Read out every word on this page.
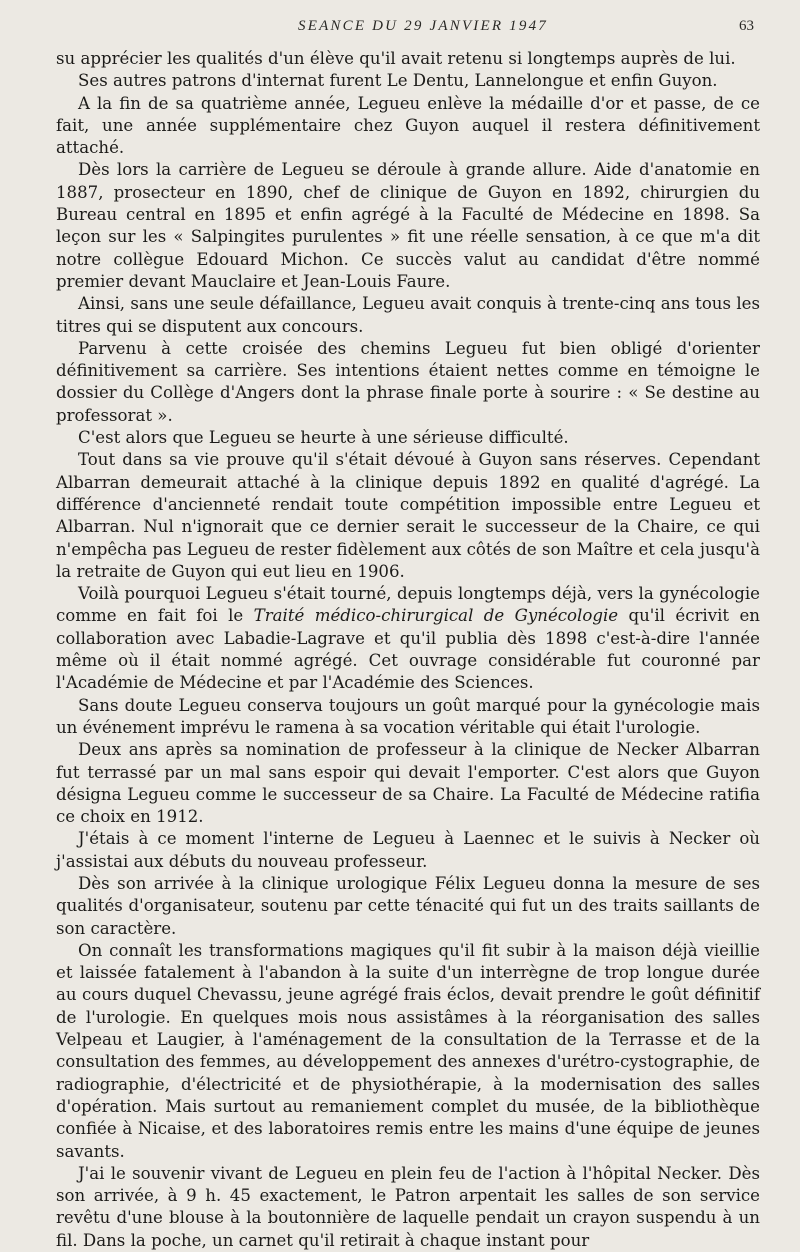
SEANCE DU 29 JANVIER 1947	63

su apprécier les qualités d'un élève qu'il avait retenu si longtemps auprès de lui.

Ses autres patrons d'internat furent Le Dentu, Lannelongue et enfin Guyon.

A la fin de sa quatrième année, Legueu enlève la médaille d'or et passe, de ce fait, une année supplémentaire chez Guyon auquel il restera définitivement attaché.

Dès lors la carrière de Legueu se déroule à grande allure. Aide d'anatomie en 1887, prosecteur en 1890, chef de clinique de Guyon en 1892, chirurgien du Bureau central en 1895 et enfin agrégé à la Faculté de Médecine en 1898. Sa leçon sur les « Salpingites purulentes » fit une réelle sensation, à ce que m'a dit notre collègue Edouard Michon. Ce succès valut au candidat d'être nommé premier devant Mauclaire et Jean-Louis Faure.

Ainsi, sans une seule défaillance, Legueu avait conquis à trente-cinq ans tous les titres qui se disputent aux concours.

Parvenu à cette croisée des chemins Legueu fut bien obligé d'orienter définitivement sa carrière. Ses intentions étaient nettes comme en témoigne le dossier du Collège d'Angers dont la phrase finale porte à sourire : « Se destine au professorat ».

C'est alors que Legueu se heurte à une sérieuse difficulté.

Tout dans sa vie prouve qu'il s'était dévoué à Guyon sans réserves. Cependant Albarran demeurait attaché à la clinique depuis 1892 en qualité d'agrégé. La différence d'ancienneté rendait toute compétition impossible entre Legueu et Albarran. Nul n'ignorait que ce dernier serait le successeur de la Chaire, ce qui n'empêcha pas Legueu de rester fidèlement aux côtés de son Maître et cela jusqu'à la retraite de Guyon qui eut lieu en 1906.

Voilà pourquoi Legueu s'était tourné, depuis longtemps déjà, vers la gynécologie comme en fait foi le Traité médico-chirurgical de Gynécologie qu'il écrivit en collaboration avec Labadie-Lagrave et qu'il publia dès 1898 c'est-à-dire l'année même où il était nommé agrégé. Cet ouvrage considérable fut couronné par l'Académie de Médecine et par l'Académie des Sciences.

Sans doute Legueu conserva toujours un goût marqué pour la gynécologie mais un événement imprévu le ramena à sa vocation véritable qui était l'urologie.

Deux ans après sa nomination de professeur à la clinique de Necker Albarran fut terrassé par un mal sans espoir qui devait l'emporter. C'est alors que Guyon désigna Legueu comme le successeur de sa Chaire. La Faculté de Médecine ratifia ce choix en 1912.

J'étais à ce moment l'interne de Legueu à Laennec et le suivis à Necker où j'assistai aux débuts du nouveau professeur.

Dès son arrivée à la clinique urologique Félix Legueu donna la mesure de ses qualités d'organisateur, soutenu par cette ténacité qui fut un des traits saillants de son caractère.

On connaît les transformations magiques qu'il fit subir à la maison déjà vieillie et laissée fatalement à l'abandon à la suite d'un interrègne de trop longue durée au cours duquel Chevassu, jeune agrégé frais éclos, devait prendre le goût définitif de l'urologie. En quelques mois nous assistâmes à la réorganisation des salles Velpeau et Laugier, à l'aménagement de la consultation de la Terrasse et de la consultation des femmes, au développement des annexes d'urétro-cystographie, de radiographie, d'électricité et de physiothérapie, à la modernisation des salles d'opération. Mais surtout au remaniement complet du musée, de la bibliothèque confiée à Nicaise, et des laboratoires remis entre les mains d'une équipe de jeunes savants.

J'ai le souvenir vivant de Legueu en plein feu de l'action à l'hôpital Necker. Dès son arrivée, à 9 h. 45 exactement, le Patron arpentait les salles de son service revêtu d'une blouse à la boutonnière de laquelle pendait un crayon suspendu à un fil. Dans la poche, un carnet qu'il retirait à chaque instant pour
